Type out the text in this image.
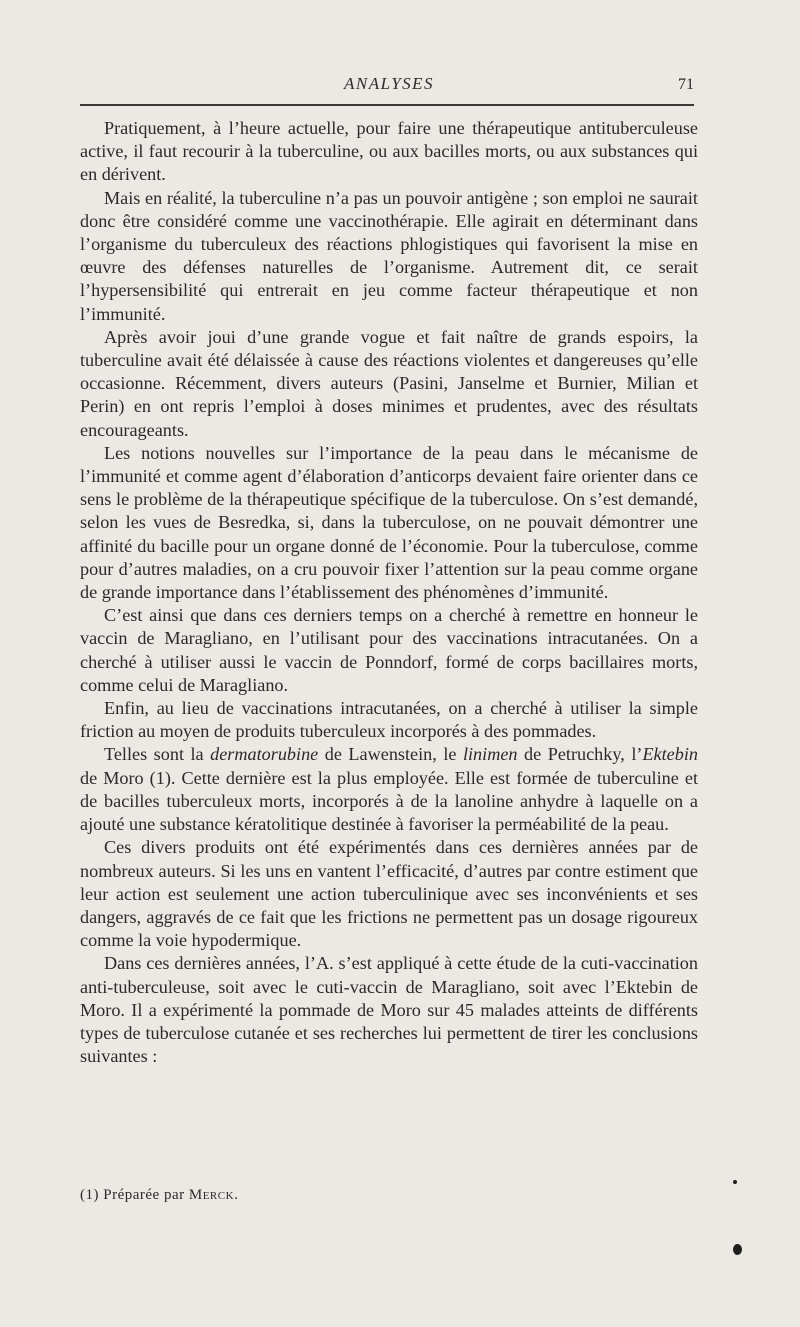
ANALYSES	71

Pratiquement, à l’heure actuelle, pour faire une thérapeutique antituberculeuse active, il faut recourir à la tuberculine, ou aux bacilles morts, ou aux substances qui en dérivent.

Mais en réalité, la tuberculine n’a pas un pouvoir antigène ; son emploi ne saurait donc être considéré comme une vaccinothérapie. Elle agirait en déterminant dans l’organisme du tuberculeux des réactions phlogistiques qui favorisent la mise en œuvre des défenses naturelles de l’organisme. Autrement dit, ce serait l’hypersensibilité qui entrerait en jeu comme facteur thérapeutique et non l’immunité.

Après avoir joui d’une grande vogue et fait naître de grands espoirs, la tuberculine avait été délaissée à cause des réactions violentes et dangereuses qu’elle occasionne. Récemment, divers auteurs (Pasini, Janselme et Burnier, Milian et Perin) en ont repris l’emploi à doses minimes et prudentes, avec des résultats encourageants.

Les notions nouvelles sur l’importance de la peau dans le mécanisme de l’immunité et comme agent d’élaboration d’anticorps devaient faire orienter dans ce sens le problème de la thérapeutique spécifique de la tuberculose. On s’est demandé, selon les vues de Besredka, si, dans la tuberculose, on ne pouvait démontrer une affinité du bacille pour un organe donné de l’économie. Pour la tuberculose, comme pour d’autres maladies, on a cru pouvoir fixer l’attention sur la peau comme organe de grande importance dans l’établissement des phénomènes d’immunité.

C’est ainsi que dans ces derniers temps on a cherché à remettre en honneur le vaccin de Maragliano, en l’utilisant pour des vaccinations intracutanées. On a cherché à utiliser aussi le vaccin de Ponndorf, formé de corps bacillaires morts, comme celui de Maragliano.

Enfin, au lieu de vaccinations intracutanées, on a cherché à utiliser la simple friction au moyen de produits tuberculeux incorporés à des pommades.

Telles sont la dermatorubine de Lawenstein, le linimen de Petruchky, l’Ektebin de Moro (1). Cette dernière est la plus employée. Elle est formée de tuberculine et de bacilles tuberculeux morts, incorporés à de la lanoline anhydre à laquelle on a ajouté une substance kératolitique destinée à favoriser la perméabilité de la peau.

Ces divers produits ont été expérimentés dans ces dernières années par de nombreux auteurs. Si les uns en vantent l’efficacité, d’autres par contre estiment que leur action est seulement une action tuberculinique avec ses inconvénients et ses dangers, aggravés de ce fait que les frictions ne permettent pas un dosage rigoureux comme la voie hypodermique.

Dans ces dernières années, l’A. s’est appliqué à cette étude de la cuti-vaccination anti-tuberculeuse, soit avec le cuti-vaccin de Maragliano, soit avec l’Ektebin de Moro. Il a expérimenté la pommade de Moro sur 45 malades atteints de différents types de tuberculose cutanée et ses recherches lui permettent de tirer les conclusions suivantes :

(1) Préparée par Merck.
